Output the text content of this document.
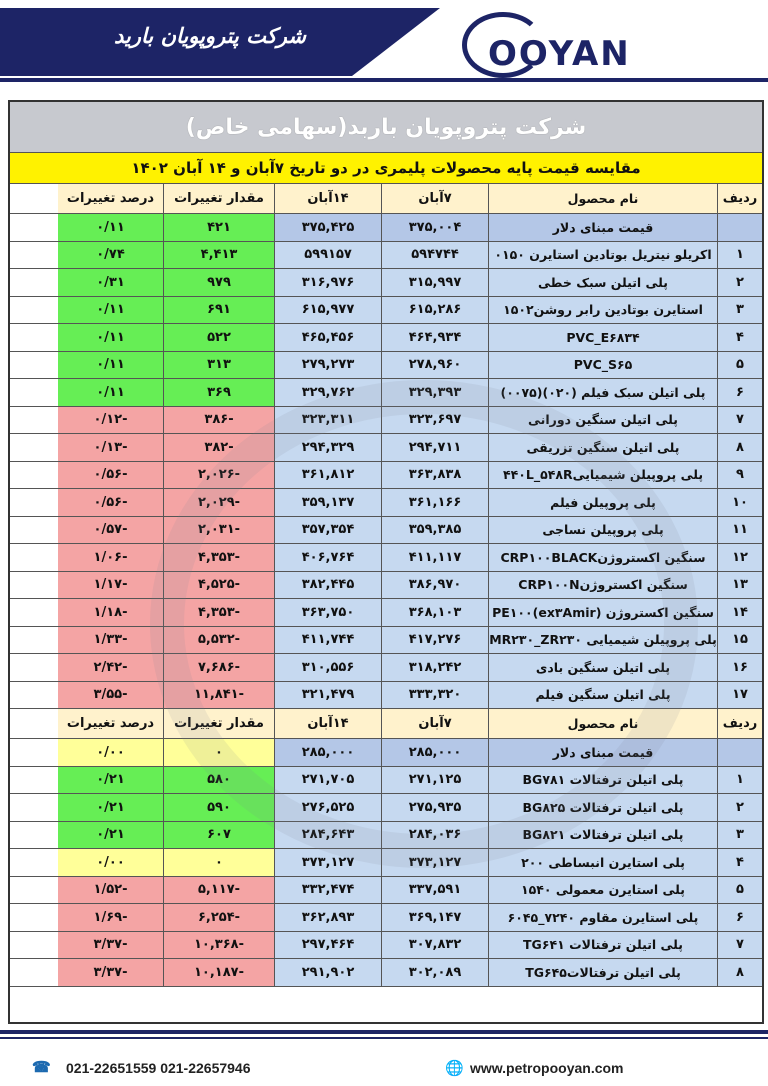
شرکت پتروپویان بارید	OOYAN
شرکت پتروپویان باربد(سهامی خاص)
مقایسه قیمت پایه محصولات پلیمری در دو تاریخ ۷آبان و ۱۴ آبان ۱۴۰۲
ردیف
نام محصول
۷آبان
۱۴آبان
مقدار تغییرات
درصد تغییرات
قیمت مبنای دلار
۳۷۵,۰۰۴
۳۷۵,۴۲۵
۴۲۱
۰/۱۱
۱
اکریلو نیتریل بوتادین استایرن ۰۱۵۰
۵۹۴۷۴۴
۵۹۹۱۵۷
۴,۴۱۳
۰/۷۴
۲
پلی اتیلن سبک خطی
۳۱۵,۹۹۷
۳۱۶,۹۷۶
۹۷۹
۰/۳۱
۳
استایرن بوتادین رابر روشن۱۵۰۲
۶۱۵,۲۸۶
۶۱۵,۹۷۷
۶۹۱
۰/۱۱
۴
PVC_E۶۸۳۴
۴۶۴,۹۳۴
۴۶۵,۴۵۶
۵۲۲
۰/۱۱
۵
PVC_S۶۵
۲۷۸,۹۶۰
۲۷۹,۲۷۳
۳۱۳
۰/۱۱
۶
پلی اتیلن سبک فیلم (۰۲۰)(۰۰۷۵)
۳۲۹,۳۹۳
۳۲۹,۷۶۲
۳۶۹
۰/۱۱
۷
پلی اتیلن سنگین دورانی
۳۲۳,۶۹۷
۳۲۳,۳۱۱
-۳۸۶
-۰/۱۲
۸
پلی اتیلن سنگین تزریقی
۲۹۴,۷۱۱
۲۹۴,۳۲۹
-۳۸۲
-۰/۱۳
۹
پلی پروپیلن شیمیایی۴۴۰L_۵۴۸R
۳۶۳,۸۳۸
۳۶۱,۸۱۲
-۲,۰۲۶
-۰/۵۶
۱۰
پلی پروپیلن فیلم
۳۶۱,۱۶۶
۳۵۹,۱۳۷
-۲,۰۲۹
-۰/۵۶
۱۱
پلی پروپیلن نساجی
۳۵۹,۳۸۵
۳۵۷,۳۵۴
-۲,۰۳۱
-۰/۵۷
۱۲
سنگین اکستروژنCRP۱۰۰BLACK
۴۱۱,۱۱۷
۴۰۶,۷۶۴
-۴,۳۵۳
-۱/۰۶
۱۳
سنگین اکستروژنCRP۱۰۰N
۳۸۶,۹۷۰
۳۸۲,۴۴۵
-۴,۵۲۵
-۱/۱۷
۱۴
سنگین اکستروژن (PE۱۰۰(ex۳Amir
۳۶۸,۱۰۳
۳۶۳,۷۵۰
-۴,۳۵۳
-۱/۱۸
۱۵
پلی پروپیلن شیمیایی MR۲۳۰_ZR۲۳۰
۴۱۷,۲۷۶
۴۱۱,۷۴۴
-۵,۵۳۲
-۱/۳۳
۱۶
پلی اتیلن سنگین بادی
۳۱۸,۲۴۲
۳۱۰,۵۵۶
-۷,۶۸۶
-۲/۴۲
۱۷
پلی اتیلن سنگین فیلم
۳۳۳,۳۲۰
۳۲۱,۴۷۹
-۱۱,۸۴۱
-۳/۵۵
ردیف
نام محصول
۷آبان
۱۴آبان
مقدار تغییرات
درصد تغییرات
قیمت مبنای دلار
۲۸۵,۰۰۰
۲۸۵,۰۰۰
۰
۰/۰۰
۱
پلی اتیلن ترفتالات BG۷۸۱
۲۷۱,۱۲۵
۲۷۱,۷۰۵
۵۸۰
۰/۲۱
۲
پلی اتیلن ترفتالات BG۸۲۵
۲۷۵,۹۳۵
۲۷۶,۵۲۵
۵۹۰
۰/۲۱
۳
پلی اتیلن ترفتالات BG۸۲۱
۲۸۴,۰۳۶
۲۸۴,۶۴۳
۶۰۷
۰/۲۱
۴
پلی استایرن انبساطی ۲۰۰
۳۷۳,۱۲۷
۳۷۳,۱۲۷
۰
۰/۰۰
۵
پلی استایرن معمولی ۱۵۴۰
۳۳۷,۵۹۱
۳۳۲,۴۷۴
-۵,۱۱۷
-۱/۵۲
۶
پلی استایرن مقاوم ۷۲۴۰_۶۰۴۵
۳۶۹,۱۴۷
۳۶۲,۸۹۳
-۶,۲۵۴
-۱/۶۹
۷
پلی اتیلن ترفتالات TG۶۴۱
۳۰۷,۸۳۲
۲۹۷,۴۶۴
-۱۰,۳۶۸
-۳/۳۷
۸
پلی اتیلن ترفتالاتTG۶۴۵
۳۰۲,۰۸۹
۲۹۱,۹۰۲
-۱۰,۱۸۷
-۳/۳۷
☎ 021-22651559 021-22657946	🌐 www.petropooyan.com
